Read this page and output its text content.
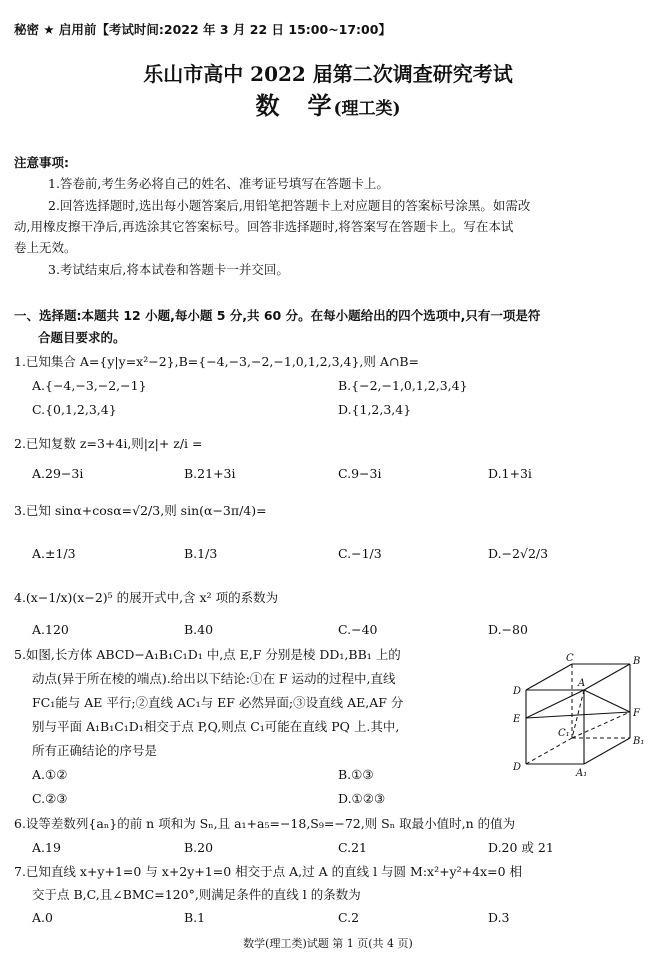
秘密 ★ 启用前【考试时间:2022 年 3 月 22 日 15:00~17:00】
乐山市高中 2022 届第二次调查研究考试
数　学(理工类)
注意事项:
1.答卷前,考生务必将自己的姓名、准考证号填写在答题卡上。
2.回答选择题时,选出每小题答案后,用铅笔把答题卡上对应题目的答案标号涂黑。如需改
动,用橡皮擦干净后,再选涂其它答案标号。回答非选择题时,将答案写在答题卡上。写在本试
卷上无效。
3.考试结束后,将本试卷和答题卡一并交回。
一、选择题:本题共 12 小题,每小题 5 分,共 60 分。在每小题给出的四个选项中,只有一项是符
合题目要求的。
1.已知集合 A={y|y=x²−2},B={−4,−3,−2,−1,0,1,2,3,4},则 A∩B=
A.{−4,−3,−2,−1}	B.{−2,−1,0,1,2,3,4}
C.{0,1,2,3,4}	D.{1,2,3,4}
2.已知复数 z=3+4i,则|z|+ z/i =
A.29−3i	B.21+3i	C.9−3i	D.1+3i
3.已知 sinα+cosα=√2/3,则 sin(α−3π/4)=
A.±1/3	B.1/3	C.−1/3	D.−2√2/3
4.(x−1/x)(x−2)⁵ 的展开式中,含 x² 项的系数为
A.120	B.40	C.−40	D.−80
5.如图,长方体 ABCD−A₁B₁C₁D₁ 中,点 E,F 分别是棱 DD₁,BB₁ 上的
动点(异于所在棱的端点).给出以下结论:①在 F 运动的过程中,直线
FC₁能与 AE 平行;②直线 AC₁与 EF 必然异面;③设直线 AE,AF 分
别与平面 A₁B₁C₁D₁相交于点 P,Q,则点 C₁可能在直线 PQ 上.其中,
所有正确结论的序号是
A.①②	B.①③
C.②③	D.①②③
C	B
D
A
E
F
C₁
B₁
D
A₁
6.设等差数列{aₙ}的前 n 项和为 Sₙ,且 a₁+a₅=−18,S₉=−72,则 Sₙ 取最小值时,n 的值为
A.19	B.20	C.21	D.20 或 21
7.已知直线 x+y+1=0 与 x+2y+1=0 相交于点 A,过 A 的直线 l 与圆 M:x²+y²+4x=0 相
交于点 B,C,且∠BMC=120°,则满足条件的直线 l 的条数为
A.0	B.1	C.2	D.3
数学(理工类)试题 第 1 页(共 4 页)
